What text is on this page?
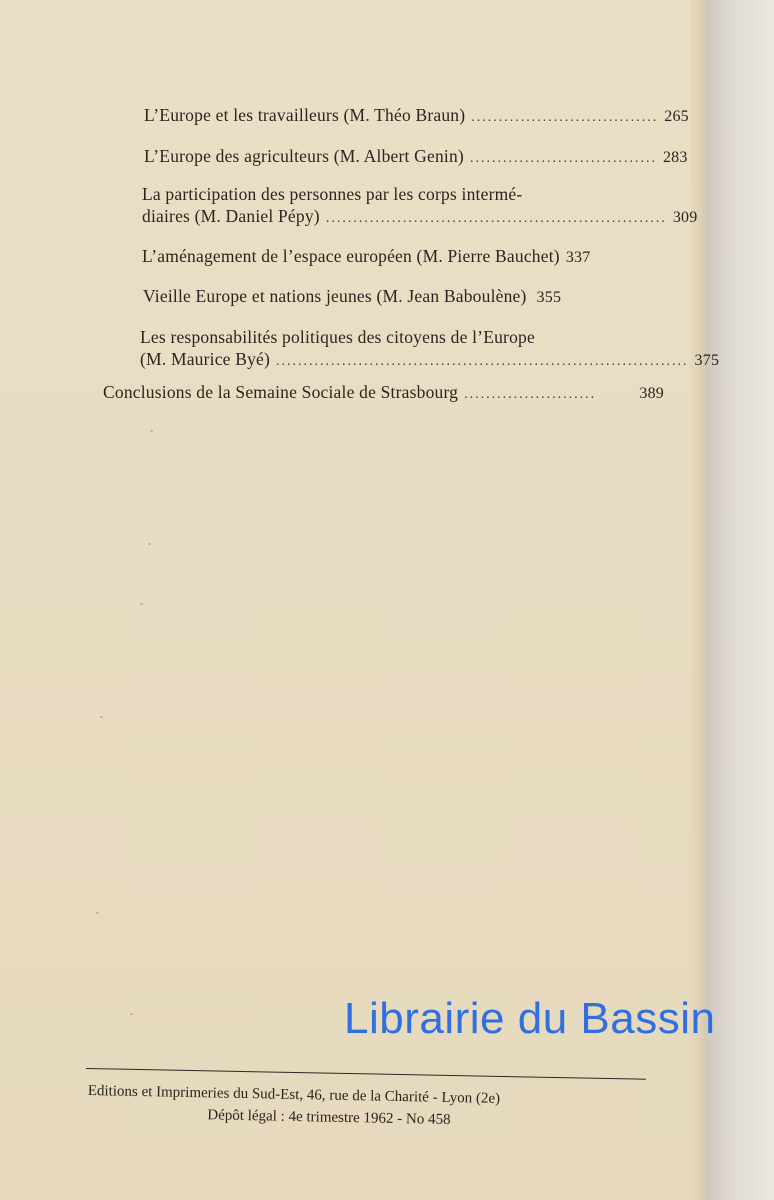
L’Europe et les travailleurs (M. Théo Braun) .................................. 265
L’Europe des agriculteurs (M. Albert Genin) .................................. 283
La participation des personnes par les corps intermé-
diaires (M. Daniel Pépy) .............................................................. 309
L’aménagement de l’espace européen (M. Pierre Bauchet) 337
Vieille Europe et nations jeunes (M. Jean Baboulène) 355
Les responsabilités politiques des citoyens de l’Europe
(M. Maurice Byé) ........................................................................... 375
Conclusions de la Semaine Sociale de Strasbourg ........................	389
Editions et Imprimeries du Sud-Est, 46, rue de la Charité - Lyon (2e)
Dépôt légal : 4e trimestre 1962 - No 458
Librairie du Bassin
